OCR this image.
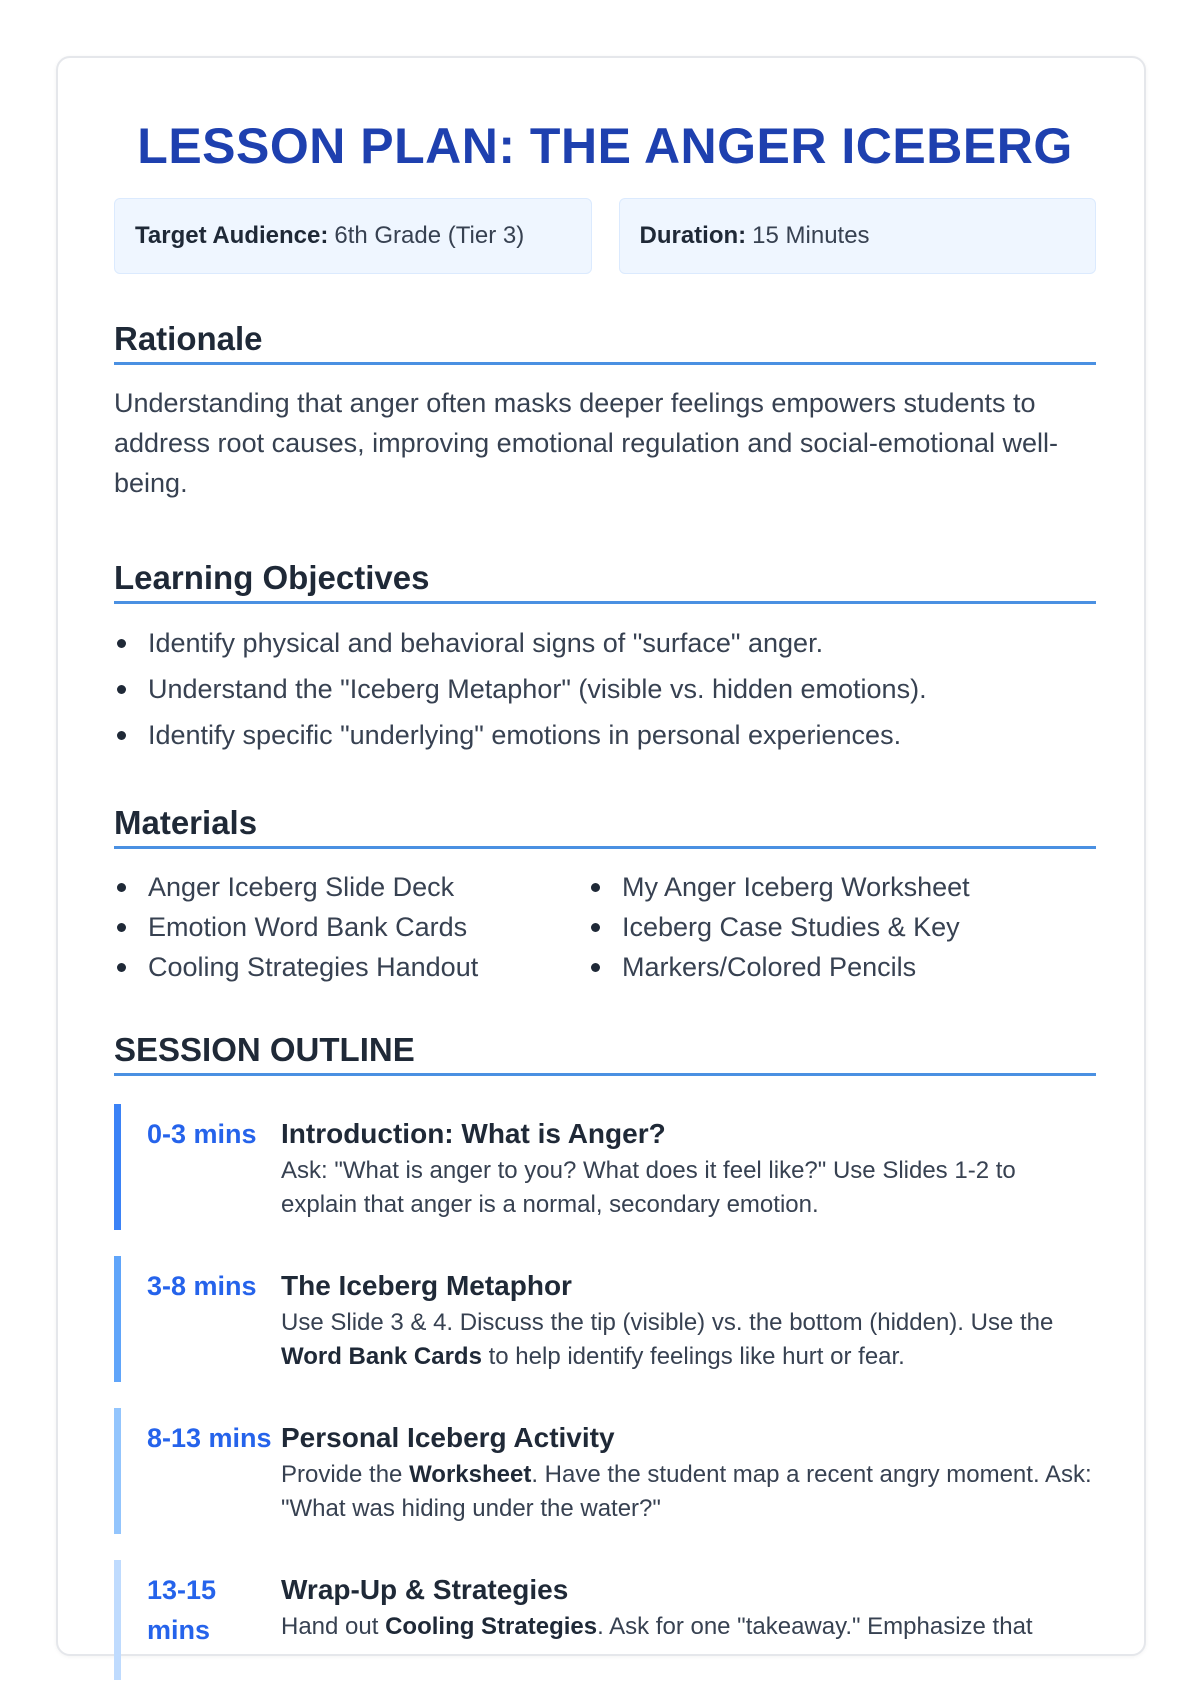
LESSON PLAN: THE ANGER ICEBERG
Target Audience: 6th Grade (Tier 3)	Duration: 15 Minutes
Rationale

Understanding that anger often masks deeper feelings empowers students to address root causes, improving emotional regulation and social-emotional well-being.

Learning Objectives
Identify physical and behavioral signs of "surface" anger.
Understand the "Iceberg Metaphor" (visible vs. hidden emotions).
Identify specific "underlying" emotions in personal experiences.
Materials
Anger Iceberg Slide Deck
Emotion Word Bank Cards
Cooling Strategies Handout
My Anger Iceberg Worksheet
Iceberg Case Studies & Key
Markers/Colored Pencils
SESSION OUTLINE
0-3 mins Introduction: What is Anger?
Ask: "What is anger to you? What does it feel like?" Use Slides 1-2 to explain that anger is a normal, secondary emotion.
3-8 mins The Iceberg Metaphor
Use Slide 3 & 4. Discuss the tip (visible) vs. the bottom (hidden). Use the Word Bank Cards to help identify feelings like hurt or fear.
8-13 mins Personal Iceberg Activity
Provide the Worksheet. Have the student map a recent angry moment. Ask: "What was hiding under the water?"
13-15 mins
Wrap-Up & Strategies
Hand out Cooling Strategies. Ask for one "takeaway." Emphasize that
